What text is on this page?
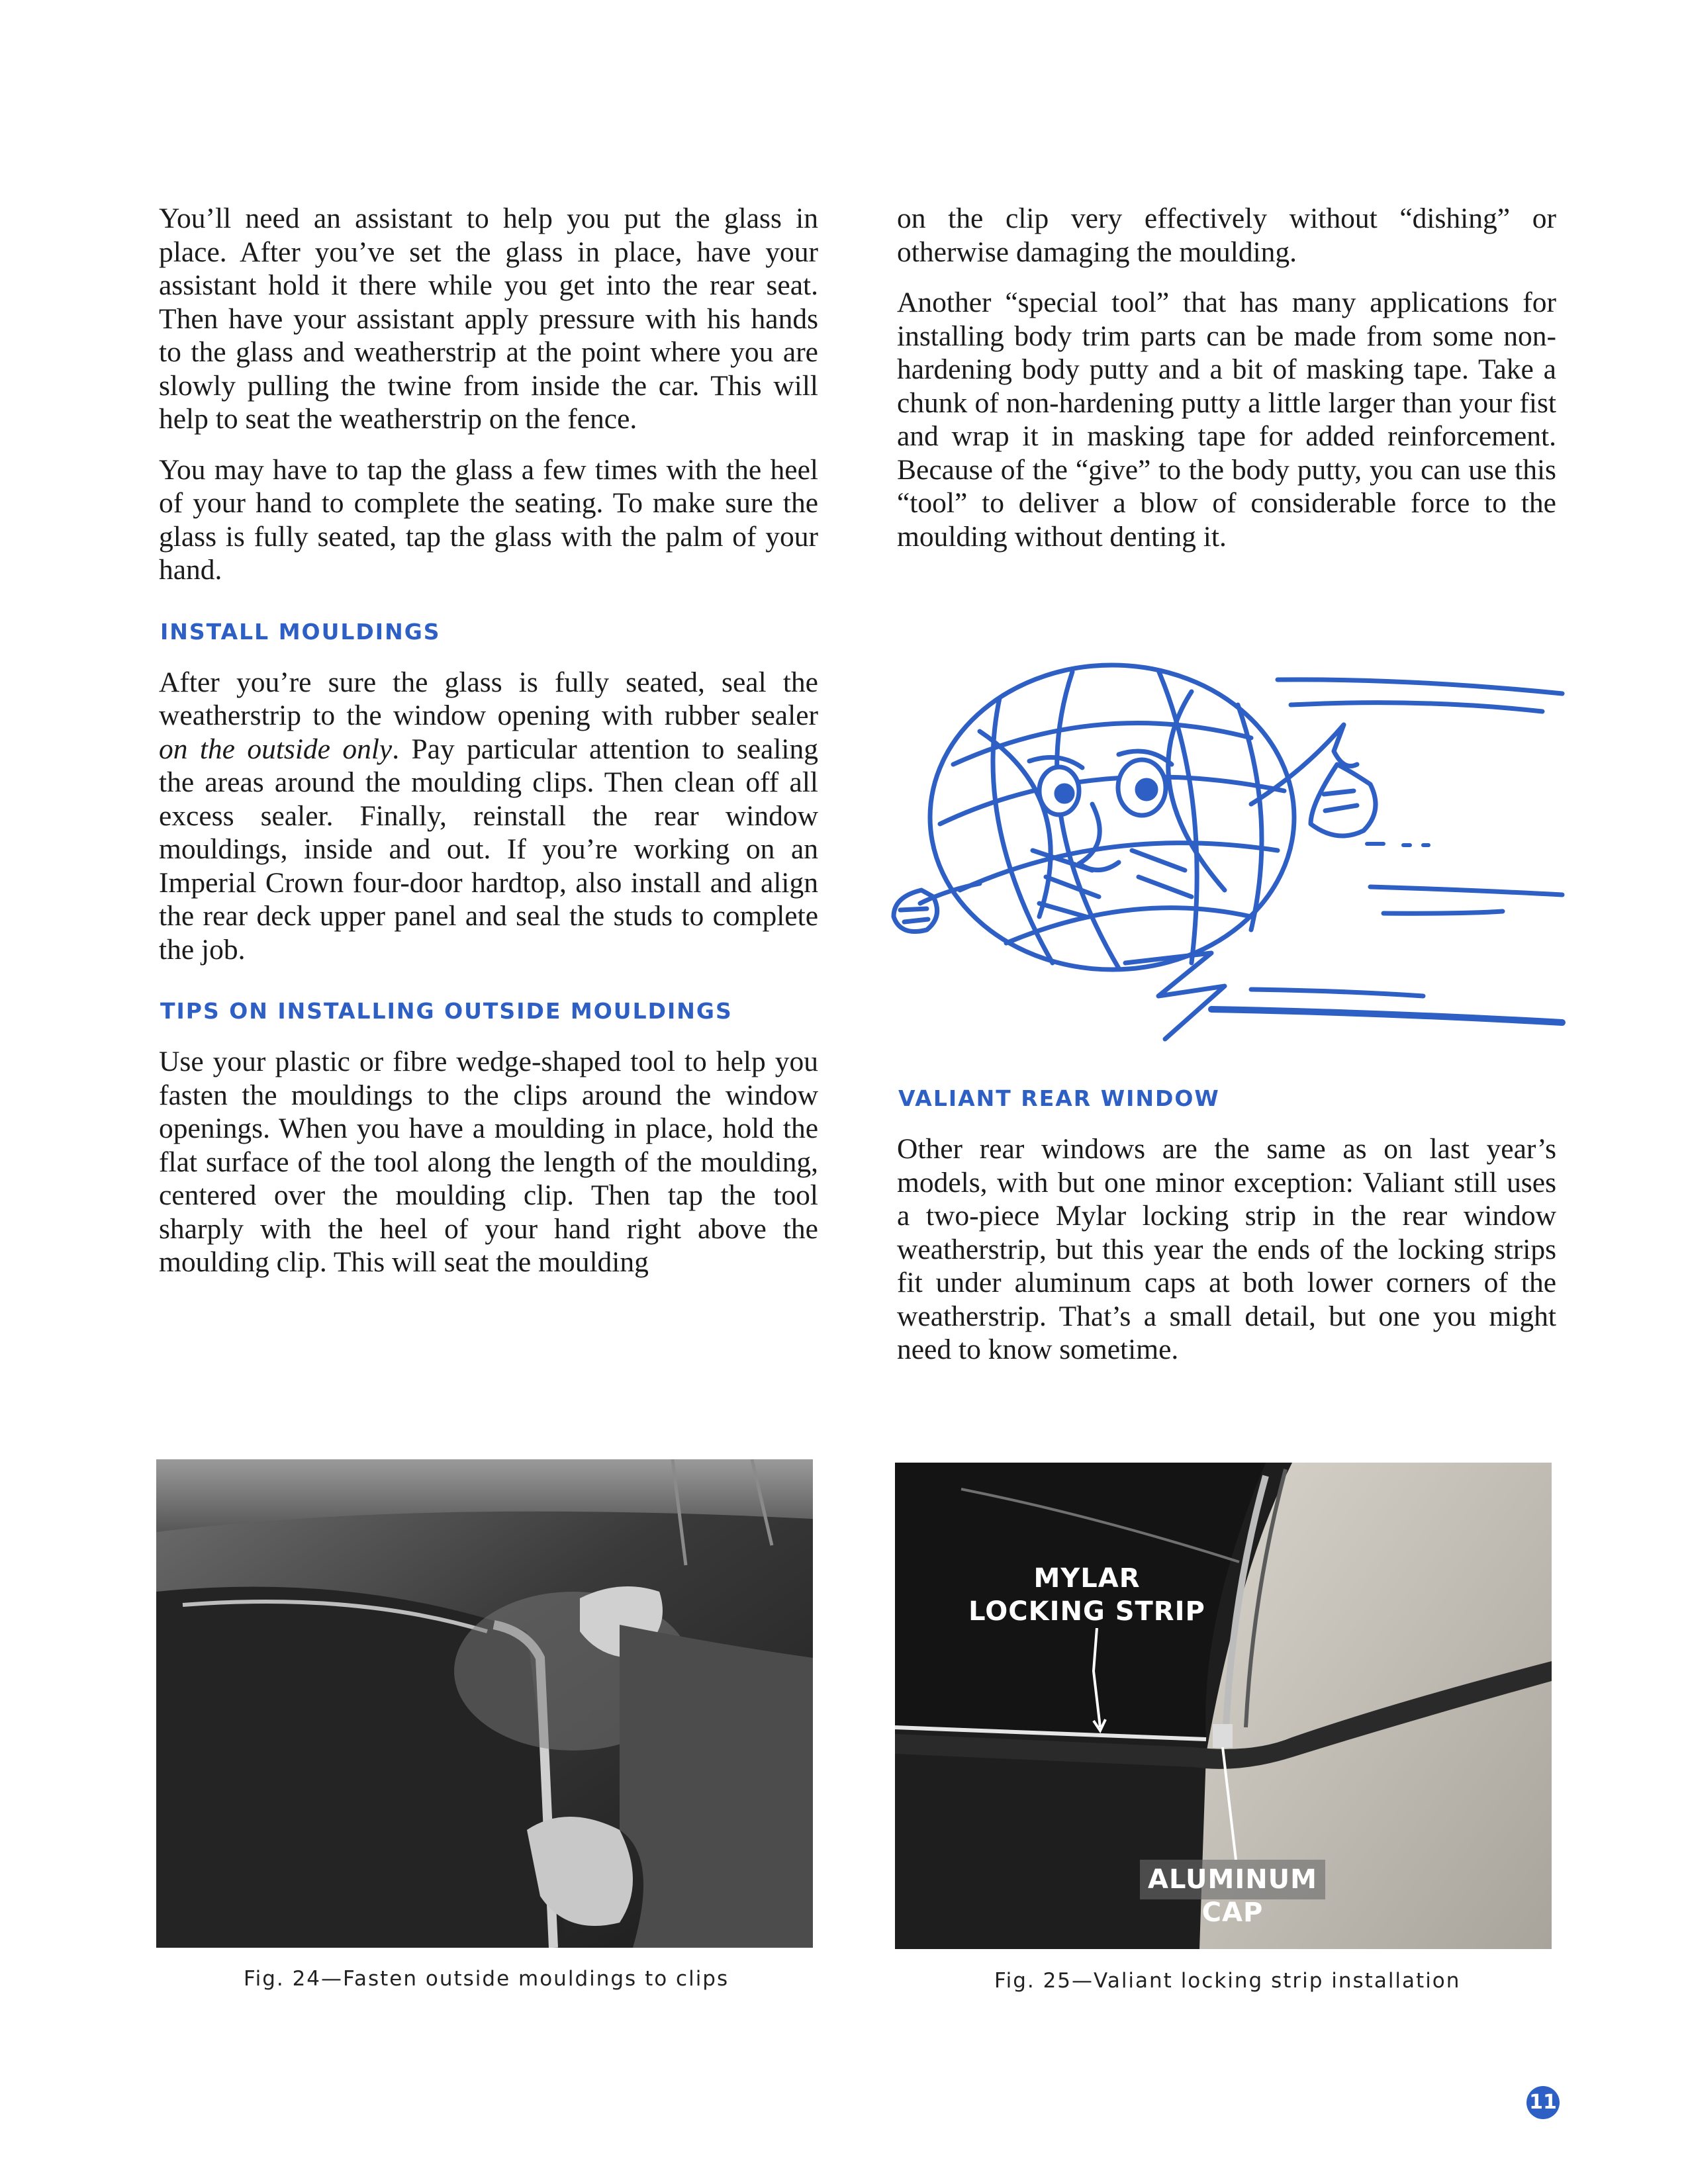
You’ll need an assistant to help you put the glass in place. After you’ve set the glass in place, have your assistant hold it there while you get into the rear seat. Then have your assistant apply pressure with his hands to the glass and weatherstrip at the point where you are slowly pulling the twine from inside the car. This will help to seat the weatherstrip on the fence.

You may have to tap the glass a few times with the heel of your hand to complete the seating. To make sure the glass is fully seated, tap the glass with the palm of your hand.

INSTALL MOULDINGS

After you’re sure the glass is fully seated, seal the weatherstrip to the window opening with rubber sealer on the outside only. Pay particular attention to sealing the areas around the moulding clips. Then clean off all excess sealer. Finally, reinstall the rear window mouldings, inside and out. If you’re working on an Imperial Crown four-door hardtop, also install and align the rear deck upper panel and seal the studs to complete the job.

TIPS ON INSTALLING OUTSIDE MOULDINGS

Use your plastic or fibre wedge-shaped tool to help you fasten the mouldings to the clips around the window openings. When you have a moulding in place, hold the flat surface of the tool along the length of the moulding, centered over the moulding clip. Then tap the tool sharply with the heel of your hand right above the moulding clip. This will seat the moulding

on the clip very effectively without “dishing” or otherwise damaging the moulding.

Another “special tool” that has many applications for installing body trim parts can be made from some non-hardening body putty and a bit of masking tape. Take a chunk of non-hardening putty a little larger than your fist and wrap it in masking tape for added reinforcement. Because of the “give” to the body putty, you can use this “tool” to deliver a blow of considerable force to the moulding without denting it.

VALIANT REAR WINDOW

Other rear windows are the same as on last year’s models, with but one minor exception: Valiant still uses a two-piece Mylar locking strip in the rear window weatherstrip, but this year the ends of the locking strips fit under aluminum caps at both lower corners of the weatherstrip. That’s a small detail, but one you might need to know sometime.

Fig. 24—Fasten outside mouldings to clips
MYLAR
LOCKING STRIP
ALUMINUM CAP
Fig. 25—Valiant locking strip installation
11
